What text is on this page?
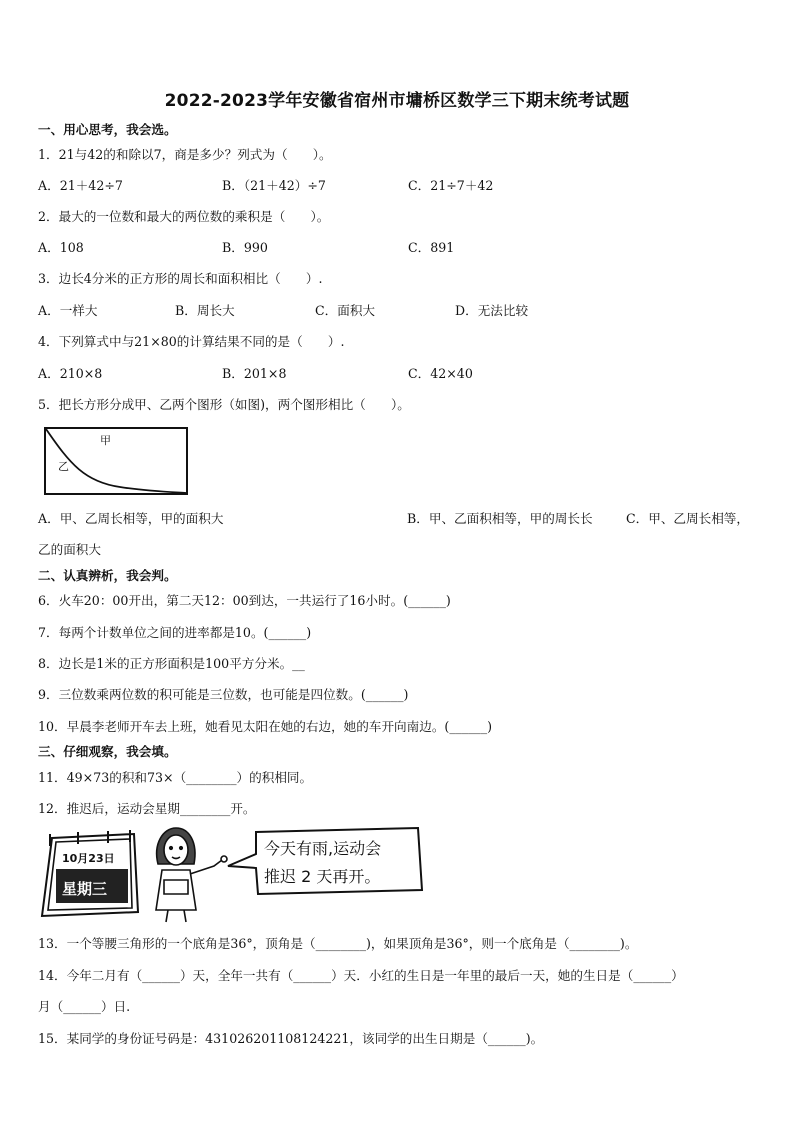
2022-2023学年安徽省宿州市墉桥区数学三下期末统考试题
一、用心思考，我会选。
1．21与42的和除以7，商是多少？列式为（　　）。
A．21＋42÷7	B．（21＋42）÷7	C．21÷7＋42
2．最大的一位数和最大的两位数的乘积是（　　）。
A．108	B．990	C．891
3．边长4分米的正方形的周长和面积相比（　　）.
A．一样大	B．周长大	C．面积大	D．无法比较
4．下列算式中与21×80的计算结果不同的是（　　）.
A．210×8	B．201×8	C．42×40
5．把长方形分成甲、乙两个图形（如图)，两个图形相比（　　）。
甲
乙
A．甲、乙周长相等，甲的面积大	B．甲、乙面积相等，甲的周长长	C．甲、乙周长相等，
乙的面积大
二、认真辨析，我会判。
6．火车20：00开出，第二天12：00到达，一共运行了16小时。(______)
7．每两个计数单位之间的进率都是10。(______)
8．边长是1米的正方形面积是100平方分米。__
9．三位数乘两位数的积可能是三位数，也可能是四位数。(______)
10．早晨李老师开车去上班，她看见太阳在她的右边，她的车开向南边。(______)
三、仔细观察，我会填。
11．49×73的积和73×（________）的积相同。
12．推迟后，运动会星期________开。
10月23日
星期三
今天有雨,运动会
推迟 2 天再开。
13．一个等腰三角形的一个底角是36°，顶角是（________)，如果顶角是36°，则一个底角是（________)。
14．今年二月有（______）天，全年一共有（______）天．小红的生日是一年里的最后一天，她的生日是（______）
月（______）日.
15．某同学的身份证号码是：431026201108124221，该同学的出生日期是（______)。
